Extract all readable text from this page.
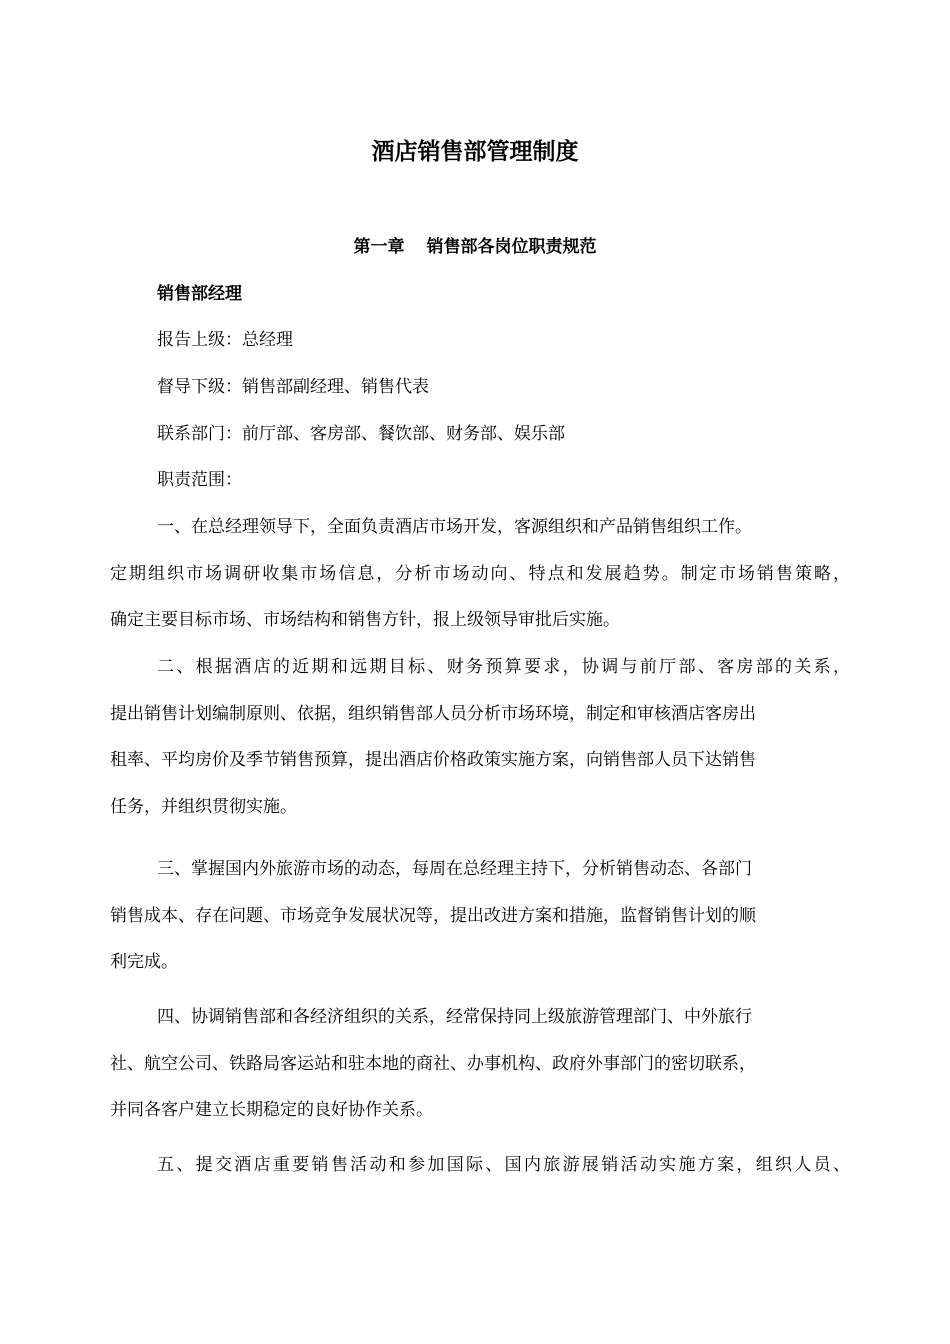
酒店销售部管理制度
第一章 销售部各岗位职责规范
销售部经理

报告上级：总经理

督导下级：销售部副经理、销售代表

联系部门：前厅部、客房部、餐饮部、财务部、娱乐部

职责范围：

一、在总经理领导下，全面负责酒店市场开发，客源组织和产品销售组织工作。
定期组织市场调研收集市场信息，分析市场动向、特点和发展趋势。制定市场销售策略，
确定主要目标市场、市场结构和销售方针，报上级领导审批后实施。
二、根据酒店的近期和远期目标、财务预算要求，协调与前厅部、客房部的关系，
提出销售计划编制原则、依据，组织销售部人员分析市场环境，制定和审核酒店客房出
租率、平均房价及季节销售预算，提出酒店价格政策实施方案，向销售部人员下达销售
任务，并组织贯彻实施。
三、掌握国内外旅游市场的动态，每周在总经理主持下，分析销售动态、各部门
销售成本、存在问题、市场竞争发展状况等，提出改进方案和措施，监督销售计划的顺
利完成。
四、协调销售部和各经济组织的关系，经常保持同上级旅游管理部门、中外旅行
社、航空公司、铁路局客运站和驻本地的商社、办事机构、政府外事部门的密切联系，
并同各客户建立长期稳定的良好协作关系。
五、提交酒店重要销售活动和参加国际、国内旅游展销活动实施方案，组织人员、
